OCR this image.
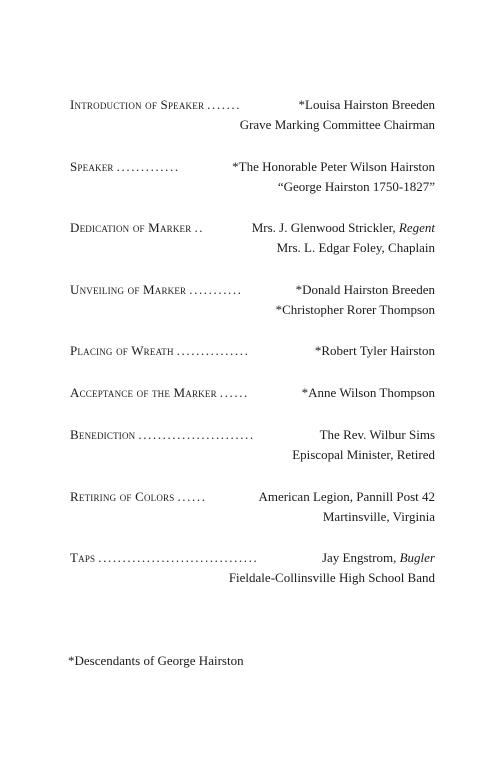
Introduction of Speaker .......	*Louisa Hairston Breeden
Grave Marking Committee Chairman
Speaker .............	*The Honorable Peter Wilson Hairston
“George Hairston 1750-1827”
Dedication of Marker ..	Mrs. J. Glenwood Strickler, Regent
Mrs. L. Edgar Foley, Chaplain
Unveiling of Marker ...........	*Donald Hairston Breeden
*Christopher Rorer Thompson
Placing of Wreath ...............	*Robert Tyler Hairston
Acceptance of the Marker ......	*Anne Wilson Thompson
Benediction ........................	The Rev. Wilbur Sims
Episcopal Minister, Retired
Retiring of Colors ......	American Legion, Pannill Post 42
Martinsville, Virginia
Taps .................................	Jay Engstrom, Bugler
Fieldale-Collinsville High School Band
*Descendants of George Hairston
